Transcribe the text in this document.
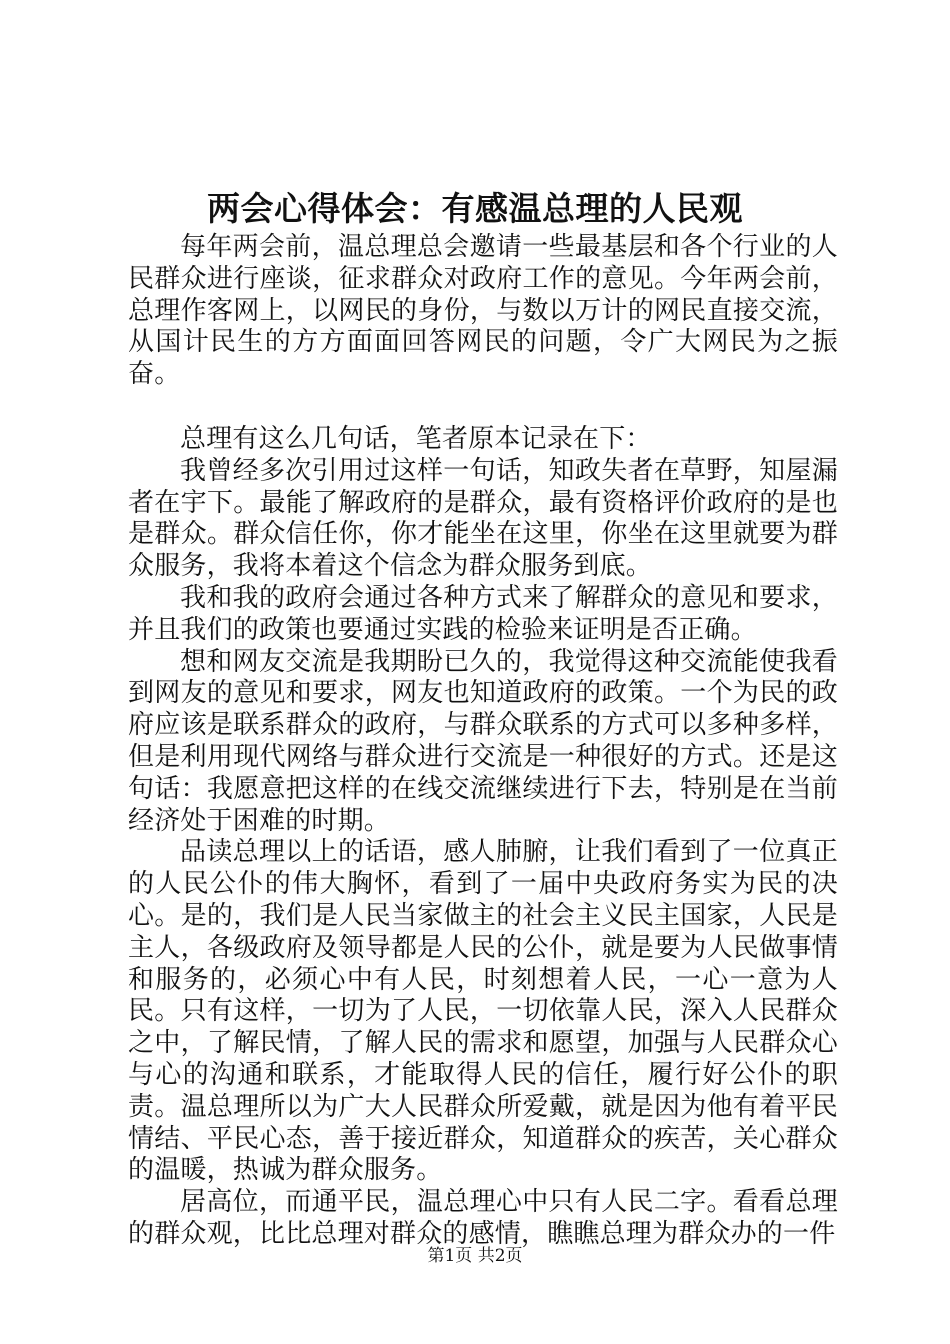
两会心得体会：有感温总理的人民观

每年两会前，温总理总会邀请一些最基层和各个行业的人民群众进行座谈，征求群众对政府工作的意见。今年两会前，总理作客网上，以网民的身份，与数以万计的网民直接交流，从国计民生的方方面面回答网民的问题，令广大网民为之振奋。

总理有这么几句话，笔者原本记录在下：

我曾经多次引用过这样一句话，知政失者在草野，知屋漏者在宇下。最能了解政府的是群众，最有资格评价政府的是也是群众。群众信任你，你才能坐在这里，你坐在这里就要为群众服务，我将本着这个信念为群众服务到底。

我和我的政府会通过各种方式来了解群众的意见和要求，并且我们的政策也要通过实践的检验来证明是否正确。

想和网友交流是我期盼已久的，我觉得这种交流能使我看到网友的意见和要求，网友也知道政府的政策。一个为民的政府应该是联系群众的政府，与群众联系的方式可以多种多样，但是利用现代网络与群众进行交流是一种很好的方式。还是这句话：我愿意把这样的在线交流继续进行下去，特别是在当前经济处于困难的时期。

品读总理以上的话语，感人肺腑，让我们看到了一位真正的人民公仆的伟大胸怀，看到了一届中央政府务实为民的决心。是的，我们是人民当家做主的社会主义民主国家，人民是主人，各级政府及领导都是人民的公仆，就是要为人民做事情和服务的，必须心中有人民，时刻想着人民，一心一意为人民。只有这样，一切为了人民，一切依靠人民，深入人民群众之中，了解民情，了解人民的需求和愿望，加强与人民群众心与心的沟通和联系，才能取得人民的信任，履行好公仆的职责。温总理所以为广大人民群众所爱戴，就是因为他有着平民情结、平民心态，善于接近群众，知道群众的疾苦，关心群众的温暖，热诚为群众服务。

居高位，而通平民，温总理心中只有人民二字。看看总理的群众观，比比总理对群众的感情，瞧瞧总理为群众办的一件

第1页 共2页
